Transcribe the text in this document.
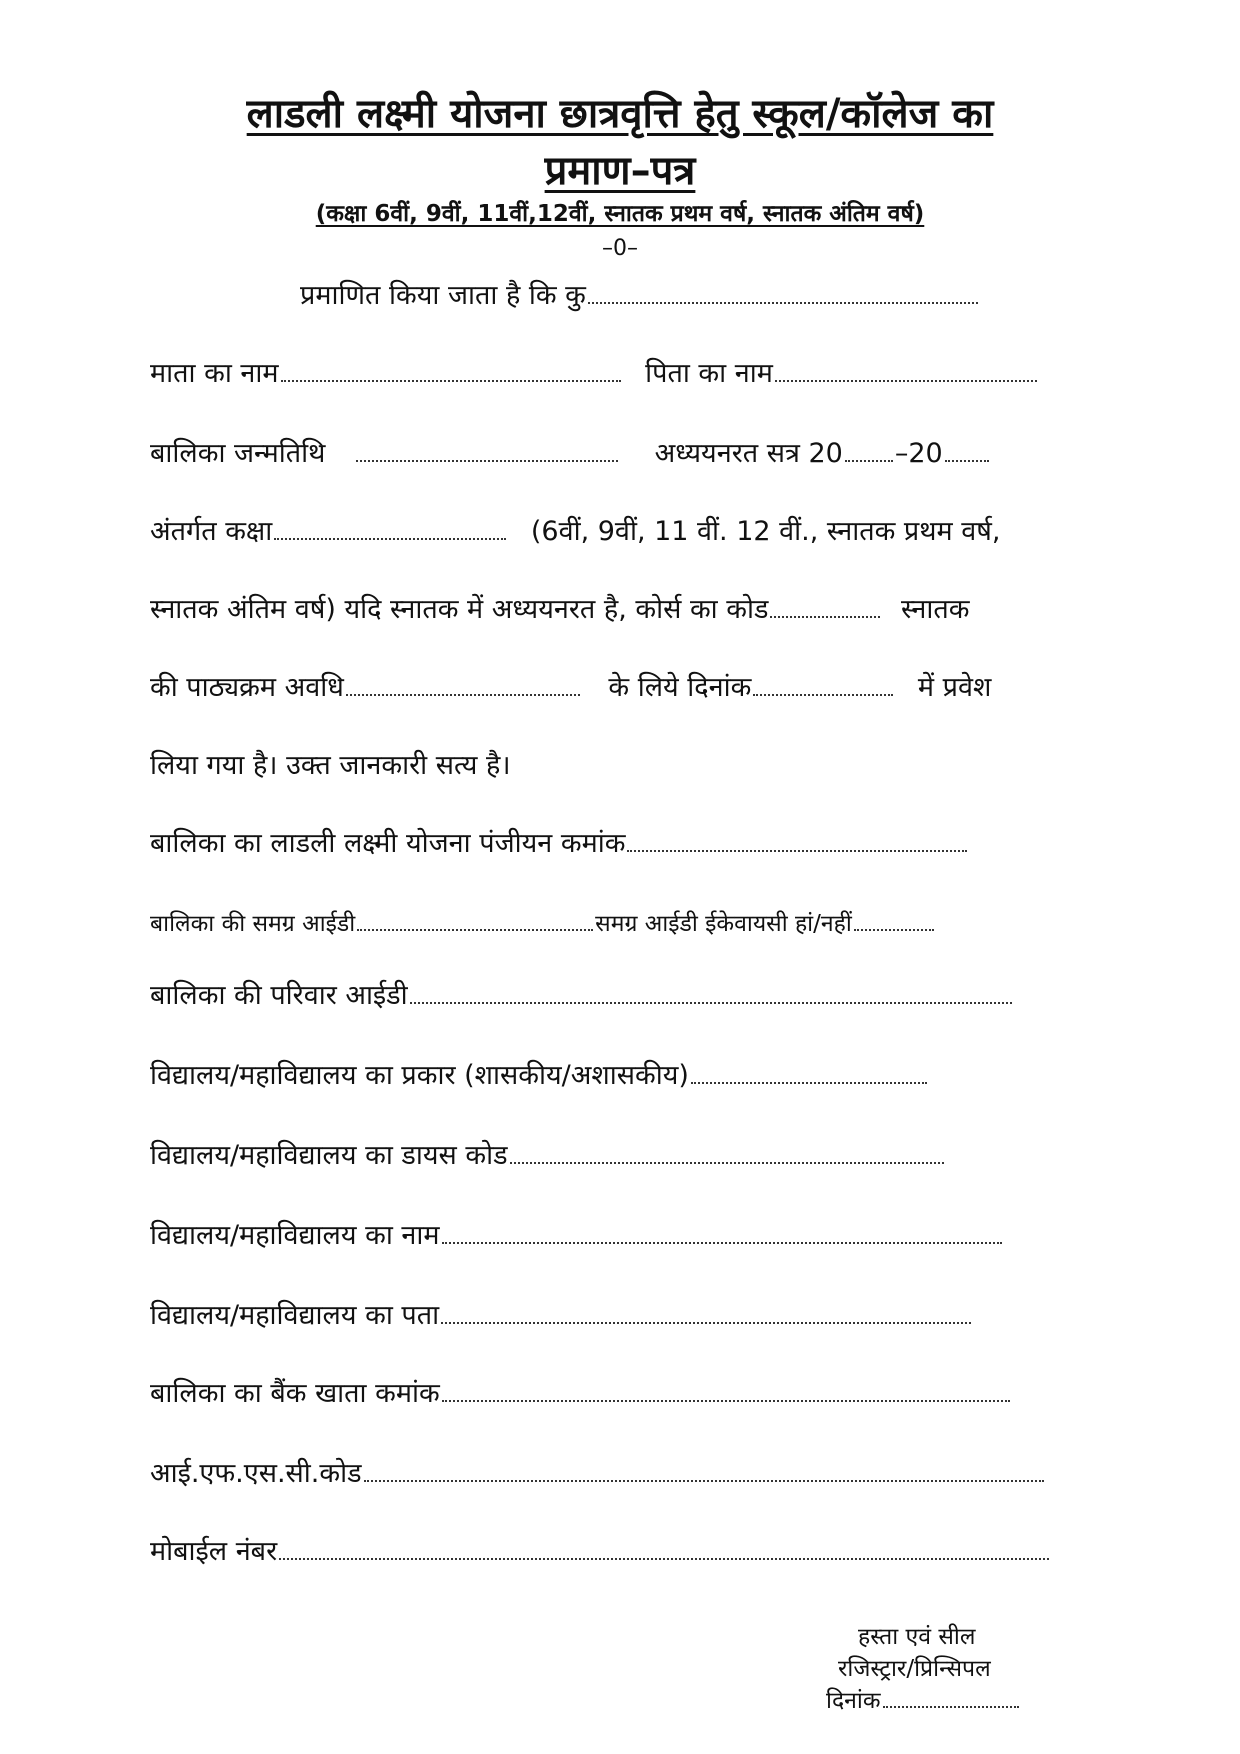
लाडली लक्ष्मी योजना छात्रवृत्ति हेतु स्कूल/कॉलेज का
प्रमाण–पत्र
(कक्षा 6वीं, 9वीं, 11वीं,12वीं, स्नातक प्रथम वर्ष, स्नातक अंतिम वर्ष)
–0–
प्रमाणित किया जाता है कि कु
माता का नाम	पिता का नाम
बालिका जन्मतिथि	अध्ययनरत सत्र 20 –20
अंतर्गत कक्षा	(6वीं, 9वीं, 11 वीं. 12 वीं., स्नातक प्रथम वर्ष,
स्नातक अंतिम वर्ष) यदि स्नातक में अध्ययनरत है, कोर्स का कोड	स्नातक
की पाठ्यक्रम अवधि	के लिये दिनांक	में प्रवेश
लिया गया है। उक्त जानकारी सत्य है।
बालिका का लाडली लक्ष्मी योजना पंजीयन कमांक
बालिका की समग्र आईडी	समग्र आईडी ईकेवायसी हां/नहीं
बालिका की परिवार आईडी
विद्यालय/महाविद्यालय का प्रकार (शासकीय/अशासकीय)
विद्यालय/महाविद्यालय का डायस कोड
विद्यालय/महाविद्यालय का नाम
विद्यालय/महाविद्यालय का पता
बालिका का बैंक खाता कमांक
आई.एफ.एस.सी.कोड
मोबाईल नंबर
हस्ता एवं सील
रजिस्ट्रार/प्रिन्सिपल
दिनांक
